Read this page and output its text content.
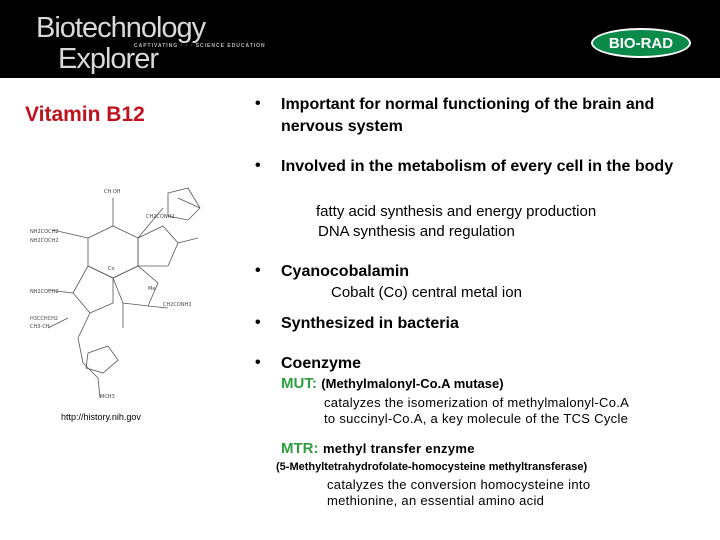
Biotechnology
CAPTIVATING · · · SCIENCE EDUCATION
Explorer	BIO-RAD
Vitamin B12
CH OH
NH2COCH2
NH2COCH2
CH2CONH2
Co
NH2COCH2	Me
CH2CONH2
H3CCHCH2
CH3-CH
MCH3
http://history.nih.gov
• Important for normal functioning of the brain and nervous system
• Involved in the metabolism of every cell in the body
fatty acid synthesis and energy production
DNA synthesis and regulation
• Cyanocobalamin
Cobalt (Co) central metal ion
• Synthesized in bacteria
• Coenzyme
MUT: (Methylmalonyl-Co.A mutase)
catalyzes the isomerization of methylmalonyl-Co.A
to succinyl-Co.A, a key molecule of the TCS Cycle
MTR: methyl transfer enzyme
(5-Methyltetrahydrofolate-homocysteine methyltransferase)
catalyzes the conversion homocysteine into
methionine, an essential amino acid
